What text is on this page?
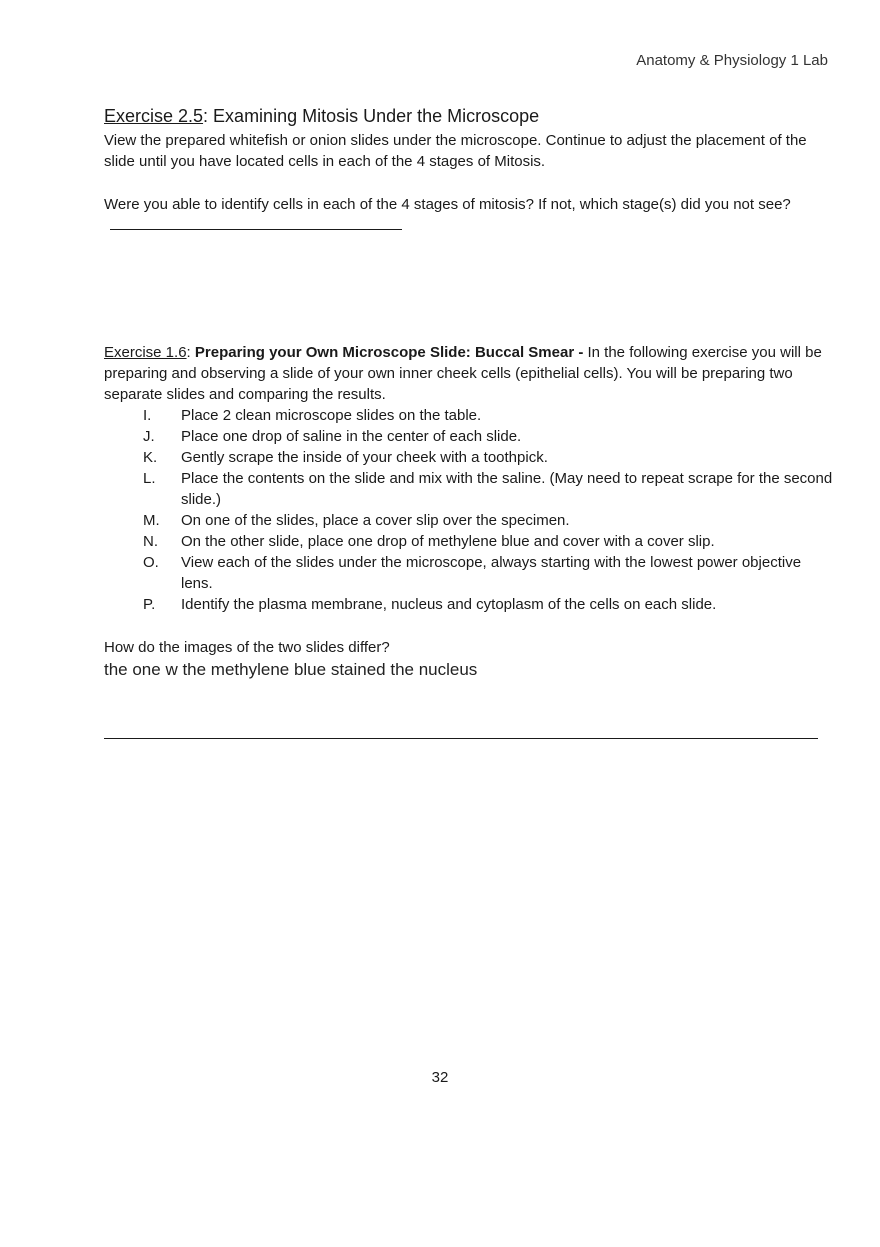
Anatomy & Physiology 1 Lab
Exercise 2.5: Examining Mitosis Under the Microscope
View the prepared whitefish or onion slides under the microscope. Continue to adjust the placement of the slide until you have located cells in each of the 4 stages of Mitosis.
Were you able to identify cells in each of the 4 stages of mitosis? If not, which stage(s) did you not see?
Exercise 1.6: Preparing your Own Microscope Slide: Buccal Smear - In the following exercise you will be preparing and observing a slide of your own inner cheek cells (epithelial cells). You will be preparing two separate slides and comparing the results.
I.	Place 2 clean microscope slides on the table.
J.	Place one drop of saline in the center of each slide.
K.	Gently scrape the inside of your cheek with a toothpick.
L.	Place the contents on the slide and mix with the saline. (May need to repeat scrape for the second slide.)
M.	On one of the slides, place a cover slip over the specimen.
N.	On the other slide, place one drop of methylene blue and cover with a cover slip.
O.	View each of the slides under the microscope, always starting with the lowest power objective lens.
P.	Identify the plasma membrane, nucleus and cytoplasm of the cells on each slide.
How do the images of the two slides differ?
the one w the methylene blue stained the nucleus
32
